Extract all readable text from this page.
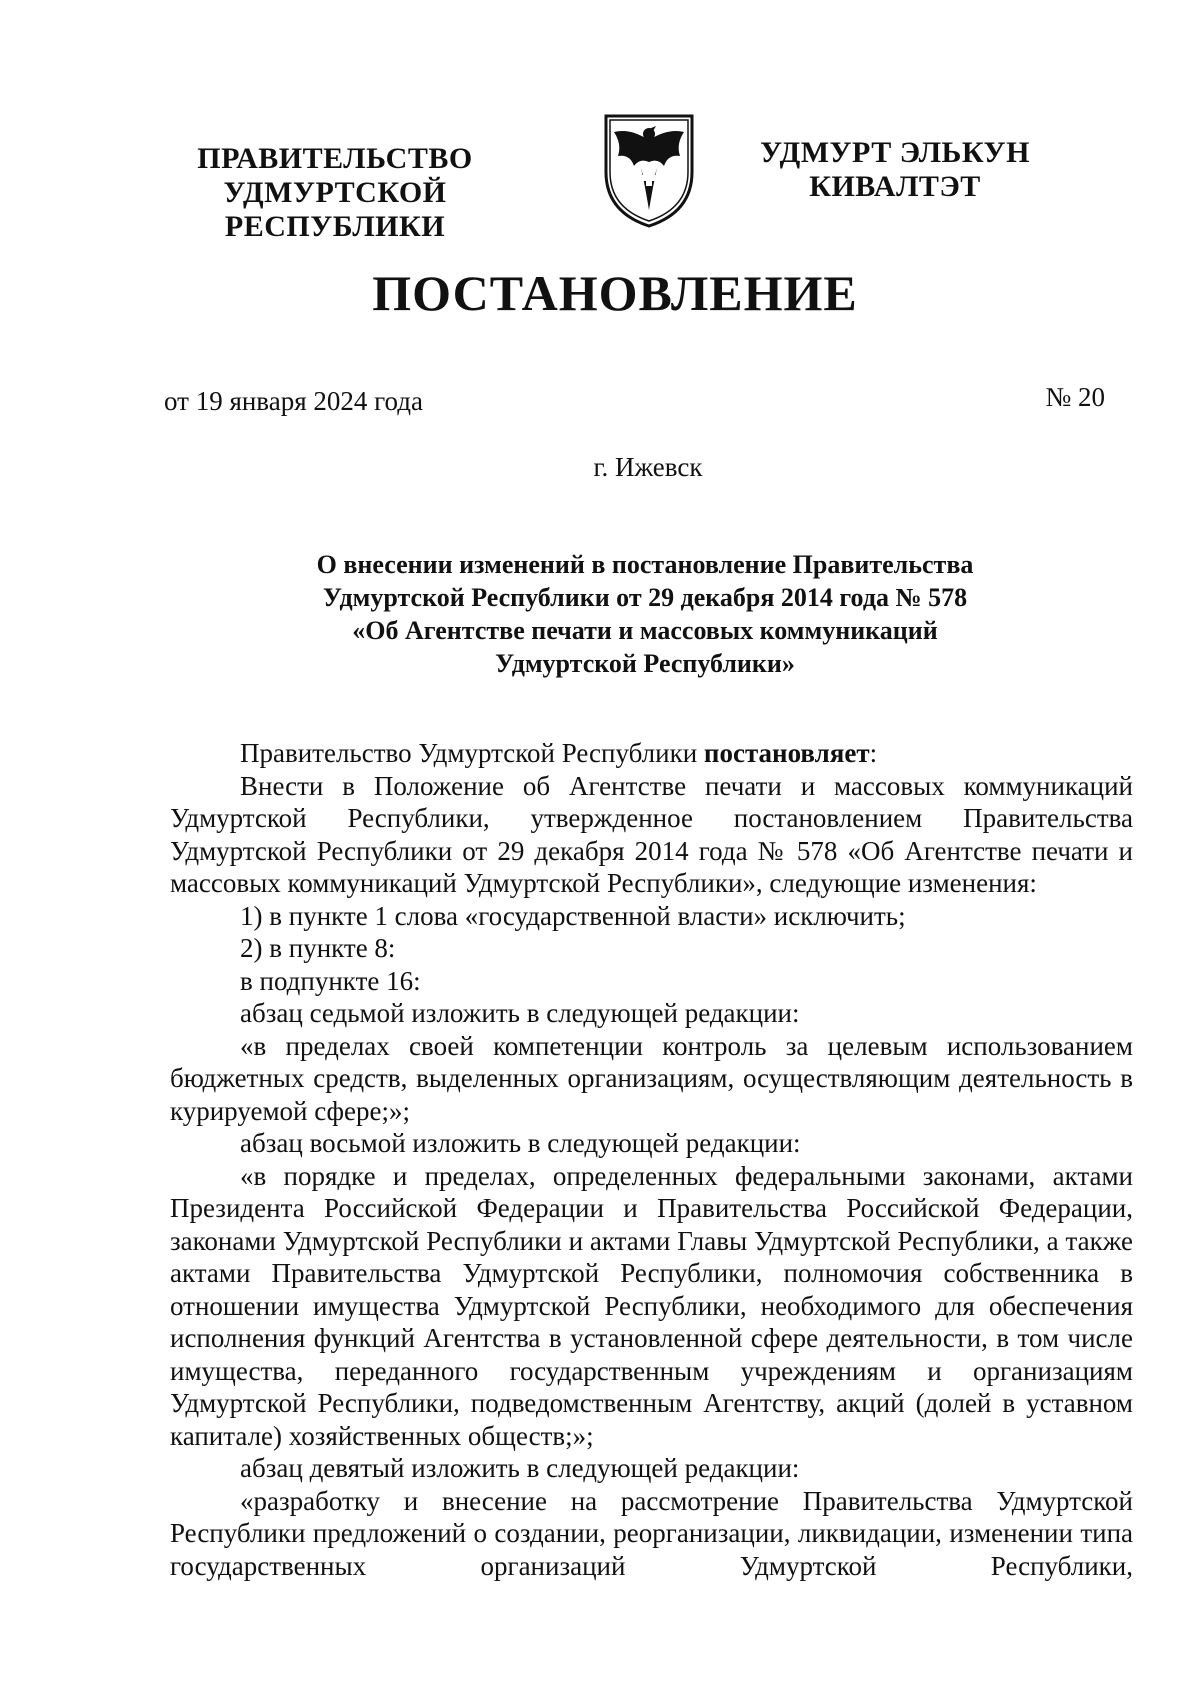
ПРАВИТЕЛЬСТВО
УДМУРТСКОЙ РЕСПУБЛИКИ
УДМУРТ ЭЛЬКУН
КИВАЛТЭТ
ПОСТАНОВЛЕНИЕ
от 19 января 2024 года	№ 20
г. Ижевск
О внесении изменений в постановление Правительства
Удмуртской Республики от 29 декабря 2014 года № 578
«Об Агентстве печати и массовых коммуникаций
Удмуртской Республики»

Правительство Удмуртской Республики постановляет:

Внести в Положение об Агентстве печати и массовых коммуникаций Удмуртской Республики, утвержденное постановлением Правительства Удмуртской Республики от 29 декабря 2014 года № 578 «Об Агентстве печати и массовых коммуникаций Удмуртской Республики», следующие изменения:

1) в пункте 1 слова «государственной власти» исключить;

2) в пункте 8:

в подпункте 16:

абзац седьмой изложить в следующей редакции:

«в пределах своей компетенции контроль за целевым использованием бюджетных средств, выделенных организациям, осуществляющим деятельность в курируемой сфере;»;

абзац восьмой изложить в следующей редакции:

«в порядке и пределах, определенных федеральными законами, актами Президента Российской Федерации и Правительства Российской Федерации, законами Удмуртской Республики и актами Главы Удмуртской Республики, а также актами Правительства Удмуртской Республики, полномочия собственника в отношении имущества Удмуртской Республики, необходимого для обеспечения исполнения функций Агентства в установленной сфере деятельности, в том числе имущества, переданного государственным учреждениям и организациям Удмуртской Республики, подведомственным Агентству, акций (долей в уставном капитале) хозяйственных обществ;»;

абзац девятый изложить в следующей редакции:

«разработку и внесение на рассмотрение Правительства Удмуртской Республики предложений о создании, реорганизации, ликвидации, изменении типа государственных организаций Удмуртской Республики,
